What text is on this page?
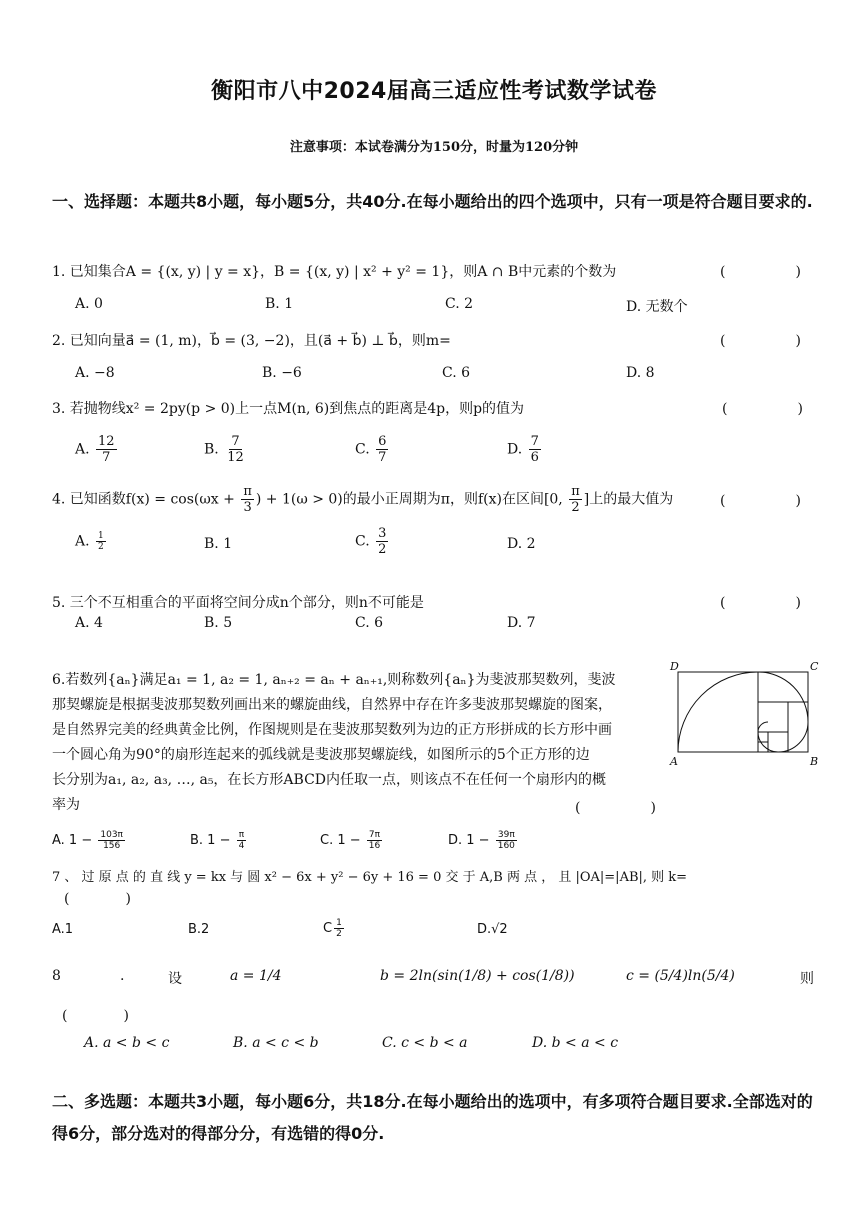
衡阳市八中2024届高三适应性考试数学试卷
注意事项：本试卷满分为150分，时量为120分钟
一、选择题：本题共8小题，每小题5分，共40分.在每小题给出的四个选项中，只有一项是符合题目要求的.
1. 已知集合A = {(x, y) | y = x}，B = {(x, y) | x² + y² = 1}，则A ∩ B中元素的个数为	(　　　　　)
A. 0	B. 1	C. 2	D. 无数个
2. 已知向量a⃗ = (1, m)，b⃗ = (3, −2)，且(a⃗ + b⃗) ⊥ b⃗，则m=	(　　　　　)
A. −8	B. −6	C. 6	D. 8
3. 若抛物线x² = 2py(p > 0)上一点M(n, 6)到焦点的距离是4p，则p的值为	(　　　　　)
A. $\frac{12}{7}$	B. $\frac{7}{12}$	C. $\frac{6}{7}$	D. $\frac{7}{6}$
4. 已知函数$f(x) = \cos(\omega x + \frac{\pi}{3}$ ) + 1(ω > 0)的最小正周期为π，则f(x)在区间[0, $\frac{\pi}{2}$ ]上的最大值为	(　　　　　)
A. $\frac{1}{2}$	B. 1	C. $\frac{3}{2}$	D. 2
5. 三个不互相重合的平面将空间分成n个部分，则n不可能是	(　　　　　)
A. 4	B. 5	C. 6	D. 7
6.若数列{aₙ}满足a₁ = 1, a₂ = 1, aₙ₊₂ = aₙ + aₙ₊₁,则称数列{aₙ}为斐波那契数列，斐波
那契螺旋是根据斐波那契数列画出来的螺旋曲线，自然界中存在许多斐波那契螺旋的图案，
是自然界完美的经典黄金比例，作图规则是在斐波那契数列为边的正方形拼成的长方形中画
一个圆心角为90°的扇形连起来的弧线就是斐波那契螺旋线，如图所示的5个正方形的边
长分别为a₁, a₂, a₃, …, a₅，在长方形ABCD内任取一点，则该点不在任何一个扇形内的概
率为	(　　　　　)
D	C
A	B
A. $1 - \frac{103\pi}{156}$	B. $1 - \frac{\pi}{4}$	C. $1 - \frac{7\pi}{16}$	D. $1 - \frac{39\pi}{160}$
7 、 过 原 点 的 直 线 y = kx 与 圆 x² − 6x + y² − 6y + 16 = 0 交 于 A,B 两 点 ， 且 |OA|=|AB|, 则 k=
(　　　　)
A.1	B.2	C $\frac{1}{2}$	D.√2
8	.	设	a = 1/4	b = 2ln(sin(1/8) + cos(1/8))	c = (5/4)ln(5/4)	则
(　　　　)
A. a < b < c	B. a < c < b	C. c < b < a	D. b < a < c
二、多选题：本题共3小题，每小题6分，共18分.在每小题给出的选项中，有多项符合题目要求.全部选对的得6分，部分选对的得部分分，有选错的得0分.
